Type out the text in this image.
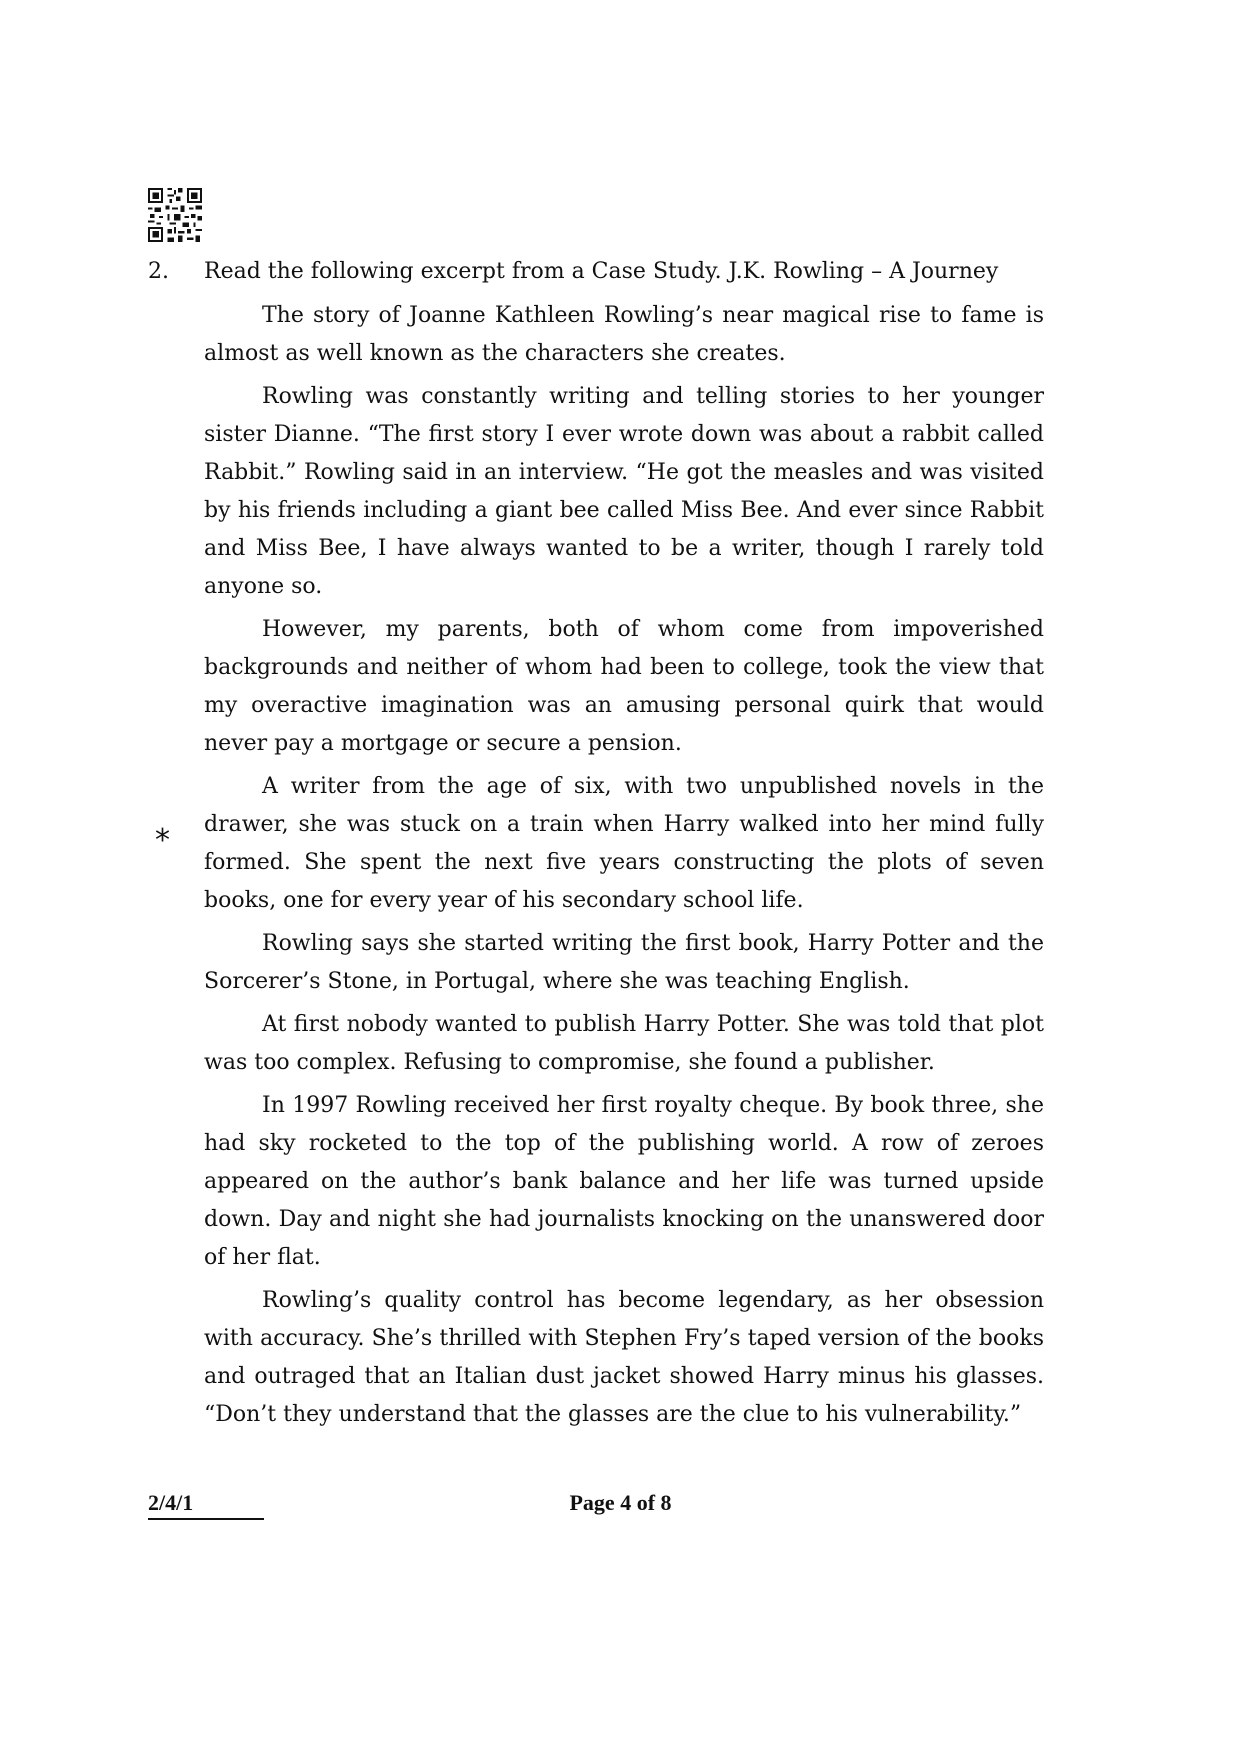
2. Read the following excerpt from a Case Study. J.K. Rowling – A Journey

The story of Joanne Kathleen Rowling’s near magical rise to fame is almost as well known as the characters she creates.

Rowling was constantly writing and telling stories to her younger sister Dianne. “The first story I ever wrote down was about a rabbit called Rabbit.” Rowling said in an interview. “He got the measles and was visited by his friends including a giant bee called Miss Bee. And ever since Rabbit and Miss Bee, I have always wanted to be a writer, though I rarely told anyone so.

However, my parents, both of whom come from impoverished backgrounds and neither of whom had been to college, took the view that my overactive imagination was an amusing personal quirk that would never pay a mortgage or secure a pension.

A writer from the age of six, with two unpublished novels in the drawer, she was stuck on a train when Harry walked into her mind fully formed. She spent the next five years constructing the plots of seven books, one for every year of his secondary school life.

Rowling says she started writing the first book, Harry Potter and the Sorcerer’s Stone, in Portugal, where she was teaching English.

At first nobody wanted to publish Harry Potter. She was told that plot was too complex. Refusing to compromise, she found a publisher.

In 1997 Rowling received her first royalty cheque. By book three, she had sky rocketed to the top of the publishing world. A row of zeroes appeared on the author’s bank balance and her life was turned upside down. Day and night she had journalists knocking on the unanswered door of her flat.

Rowling’s quality control has become legendary, as her obsession with accuracy. She’s thrilled with Stephen Fry’s taped version of the books and outraged that an Italian dust jacket showed Harry minus his glasses. “Don’t they understand that the glasses are the clue to his vulnerability.”

*
2/4/1	Page 4 of 8
